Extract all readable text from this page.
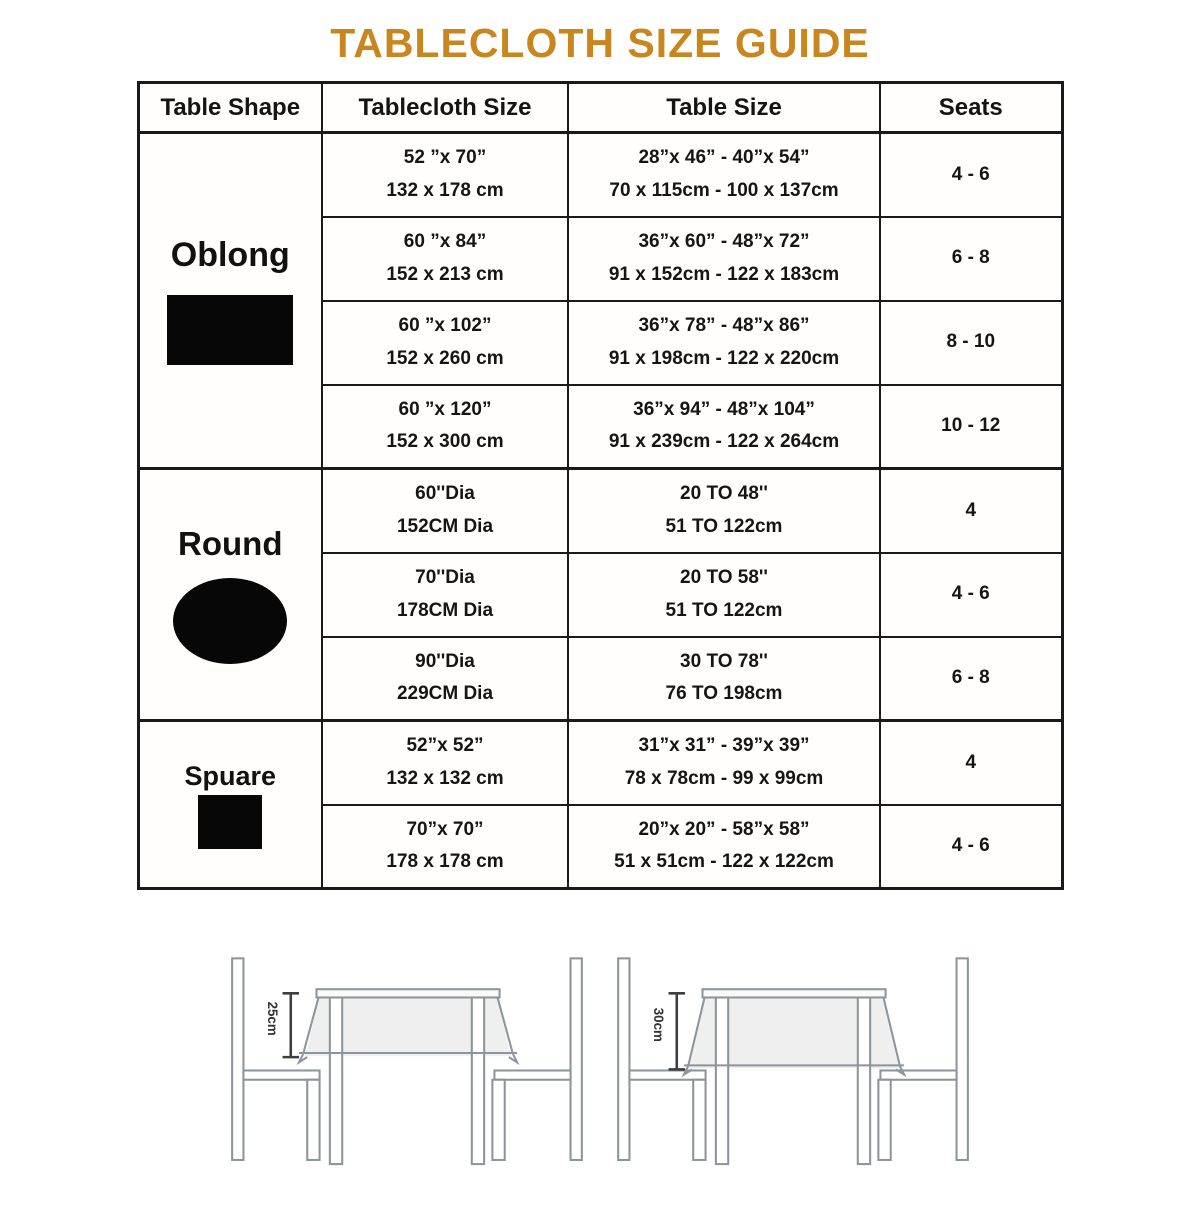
TABLECLOTH SIZE GUIDE
Table Shape	Tablecloth Size	Table Size	Seats

Oblong

52 ”x 70”
132 x 178 cm

28”x 46” - 40”x 54”
70 x 115cm - 100 x 137cm
	4 - 6

60 ”x 84”
152 x 213 cm

36”x 60” - 48”x 72”
91 x 152cm - 122 x 183cm
	6 - 8

60 ”x 102”
152 x 260 cm

36”x 78” - 48”x 86”
91 x 198cm - 122 x 220cm
	8 - 10

60 ”x 120”
152 x 300 cm

36”x 94” - 48”x 104”
91 x 239cm - 122 x 264cm
	10 - 12

Round

60''Dia
152CM Dia

20 TO 48''
51 TO 122cm
	4

70''Dia
178CM Dia

20 TO 58''
51 TO 122cm
	4 - 6

90''Dia
229CM Dia

30 TO 78''
76 TO 198cm
	6 - 8

Spuare

52”x 52”
132 x 132 cm

31”x 31” - 39”x 39”
78 x 78cm - 99 x 99cm
	4

70”x 70”
178 x 178 cm

20”x 20” - 58”x 58”
51 x 51cm - 122 x 122cm
	4 - 6
25cm	30cm
